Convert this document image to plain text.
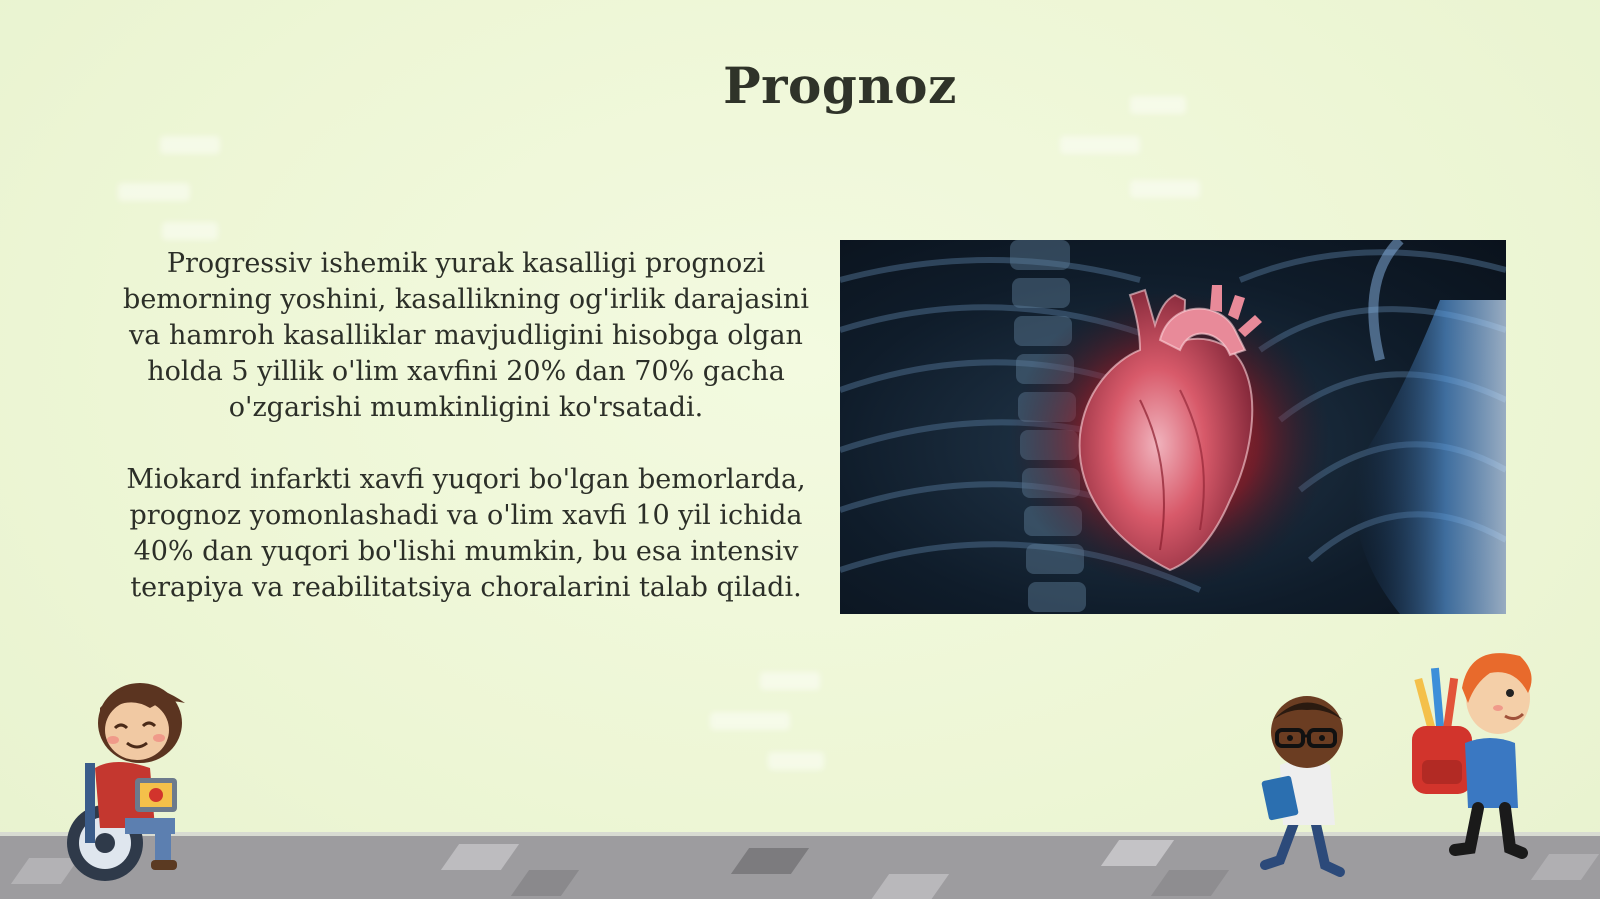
Prognoz
Progressiv ishemik yurak kasalligi prognozi bemorning yoshini, kasallikning og'irlik darajasini va hamroh kasalliklar mavjudligini hisobga olgan holda 5 yillik o'lim xavfini 20% dan 70% gacha o'zgarishi mumkinligini ko'rsatadi.
Miokard infarkti xavfi yuqori bo'lgan bemorlarda, prognoz yomonlashadi va o'lim xavfi 10 yil ichida 40% dan yuqori bo'lishi mumkin, bu esa intensiv terapiya va reabilitatsiya choralarini talab qiladi.
